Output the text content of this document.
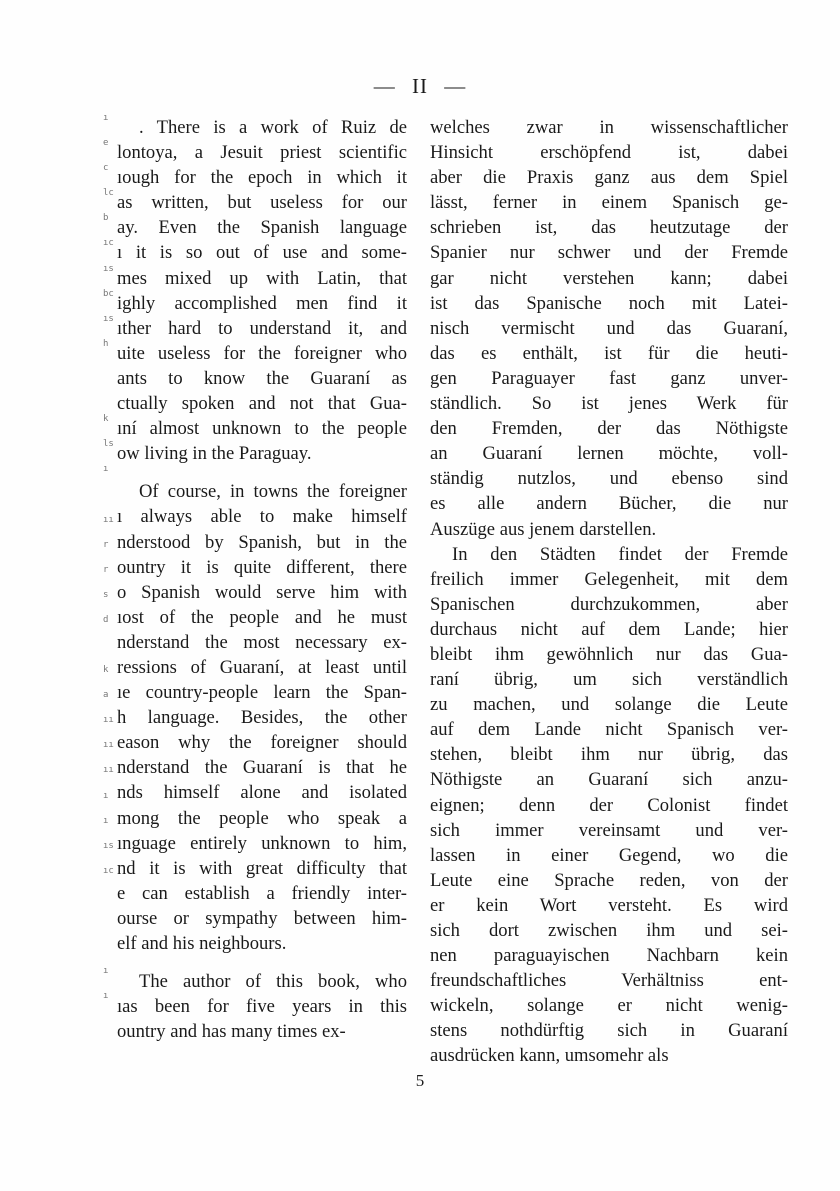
— II —
ı
e
c
lc
b
ıc
ıs
bc
ıs
h
k
ls
ı
ıı
r
r
s
d
k
a
ıı
ıı
ıı
ı
ı
ıs
ıc
ı
ı
. There is a work of Ruiz de
lontoya, a Jesuit priest scientific
ıough for the epoch in which it
as written, but useless for our
ay. Even the Spanish language
ı it is so out of use and some-
mes mixed up with Latin, that
ighly accomplished men find it
ıther hard to understand it, and
uite useless for the foreigner who
ants to know the Guaraní as
ctually spoken and not that Gua-
ıní almost unknown to the people
ow living in the Paraguay.
Of course, in towns the foreigner
ı always able to make himself
nderstood by Spanish, but in the
ountry it is quite different, there
o Spanish would serve him with
ıost of the people and he must
nderstand the most necessary ex-
ressions of Guaraní, at least until
ıe country-people learn the Span-
h language. Besides, the other
eason why the foreigner should
nderstand the Guaraní is that he
nds himself alone and isolated
mong the people who speak a
ınguage entirely unknown to him,
nd it is with great difficulty that
e can establish a friendly inter-
ourse or sympathy between him-
elf and his neighbours.
The author of this book, who
ıas been for five years in this
ountry and has many times ex-
welches zwar in wissenschaftlicher
Hinsicht erschöpfend ist, dabei
aber die Praxis ganz aus dem Spiel
lässt, ferner in einem Spanisch ge-
schrieben ist, das heutzutage der
Spanier nur schwer und der Fremde
gar nicht verstehen kann; dabei
ist das Spanische noch mit Latei-
nisch vermischt und das Guaraní,
das es enthält, ist für die heuti-
gen Paraguayer fast ganz unver-
ständlich. So ist jenes Werk für
den Fremden, der das Nöthigste
an Guaraní lernen möchte, voll-
ständig nutzlos, und ebenso sind
es alle andern Bücher, die nur
Auszüge aus jenem darstellen.
In den Städten findet der Fremde
freilich immer Gelegenheit, mit dem
Spanischen durchzukommen, aber
durchaus nicht auf dem Lande; hier
bleibt ihm gewöhnlich nur das Gua-
raní übrig, um sich verständlich
zu machen, und solange die Leute
auf dem Lande nicht Spanisch ver-
stehen, bleibt ihm nur übrig, das
Nöthigste an Guaraní sich anzu-
eignen; denn der Colonist findet
sich immer vereinsamt und ver-
lassen in einer Gegend, wo die
Leute eine Sprache reden, von der
er kein Wort versteht. Es wird
sich dort zwischen ihm und sei-
nen paraguayischen Nachbarn kein
freundschaftliches Verhältniss ent-
wickeln, solange er nicht wenig-
stens nothdürftig sich in Guaraní
ausdrücken kann, umsomehr als
5
